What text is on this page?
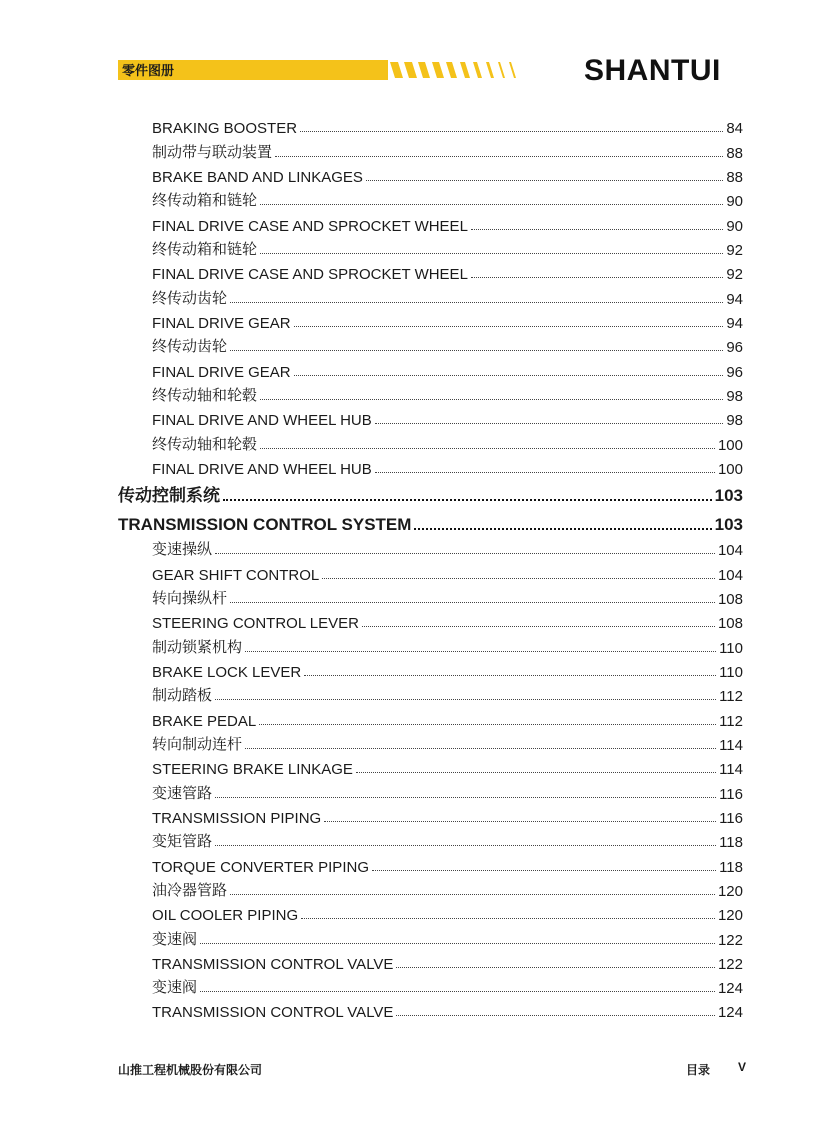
零件图册	SHANTUI
BRAKING BOOSTER	84
制动带与联动装置	88
BRAKE BAND AND LINKAGES	88
终传动箱和链轮	90
FINAL DRIVE CASE AND SPROCKET WHEEL	90
终传动箱和链轮	92
FINAL DRIVE CASE AND SPROCKET WHEEL	92
终传动齿轮	94
FINAL DRIVE GEAR	94
终传动齿轮	96
FINAL DRIVE GEAR	96
终传动轴和轮毂	98
FINAL DRIVE AND WHEEL HUB	98
终传动轴和轮毂	100
FINAL DRIVE AND WHEEL HUB	100
传动控制系统	103
TRANSMISSION CONTROL SYSTEM	103
变速操纵	104
GEAR SHIFT CONTROL	104
转向操纵杆	108
STEERING CONTROL LEVER	108
制动锁紧机构	110
BRAKE LOCK LEVER	110
制动踏板	112
BRAKE PEDAL	112
转向制动连杆	114
STEERING BRAKE LINKAGE	114
变速管路	116
TRANSMISSION PIPING	116
变矩管路	118
TORQUE CONVERTER PIPING	118
油冷器管路	120
OIL COOLER PIPING	120
变速阀	122
TRANSMISSION CONTROL VALVE	122
变速阀	124
TRANSMISSION CONTROL VALVE	124
山推工程机械股份有限公司	目录 V
